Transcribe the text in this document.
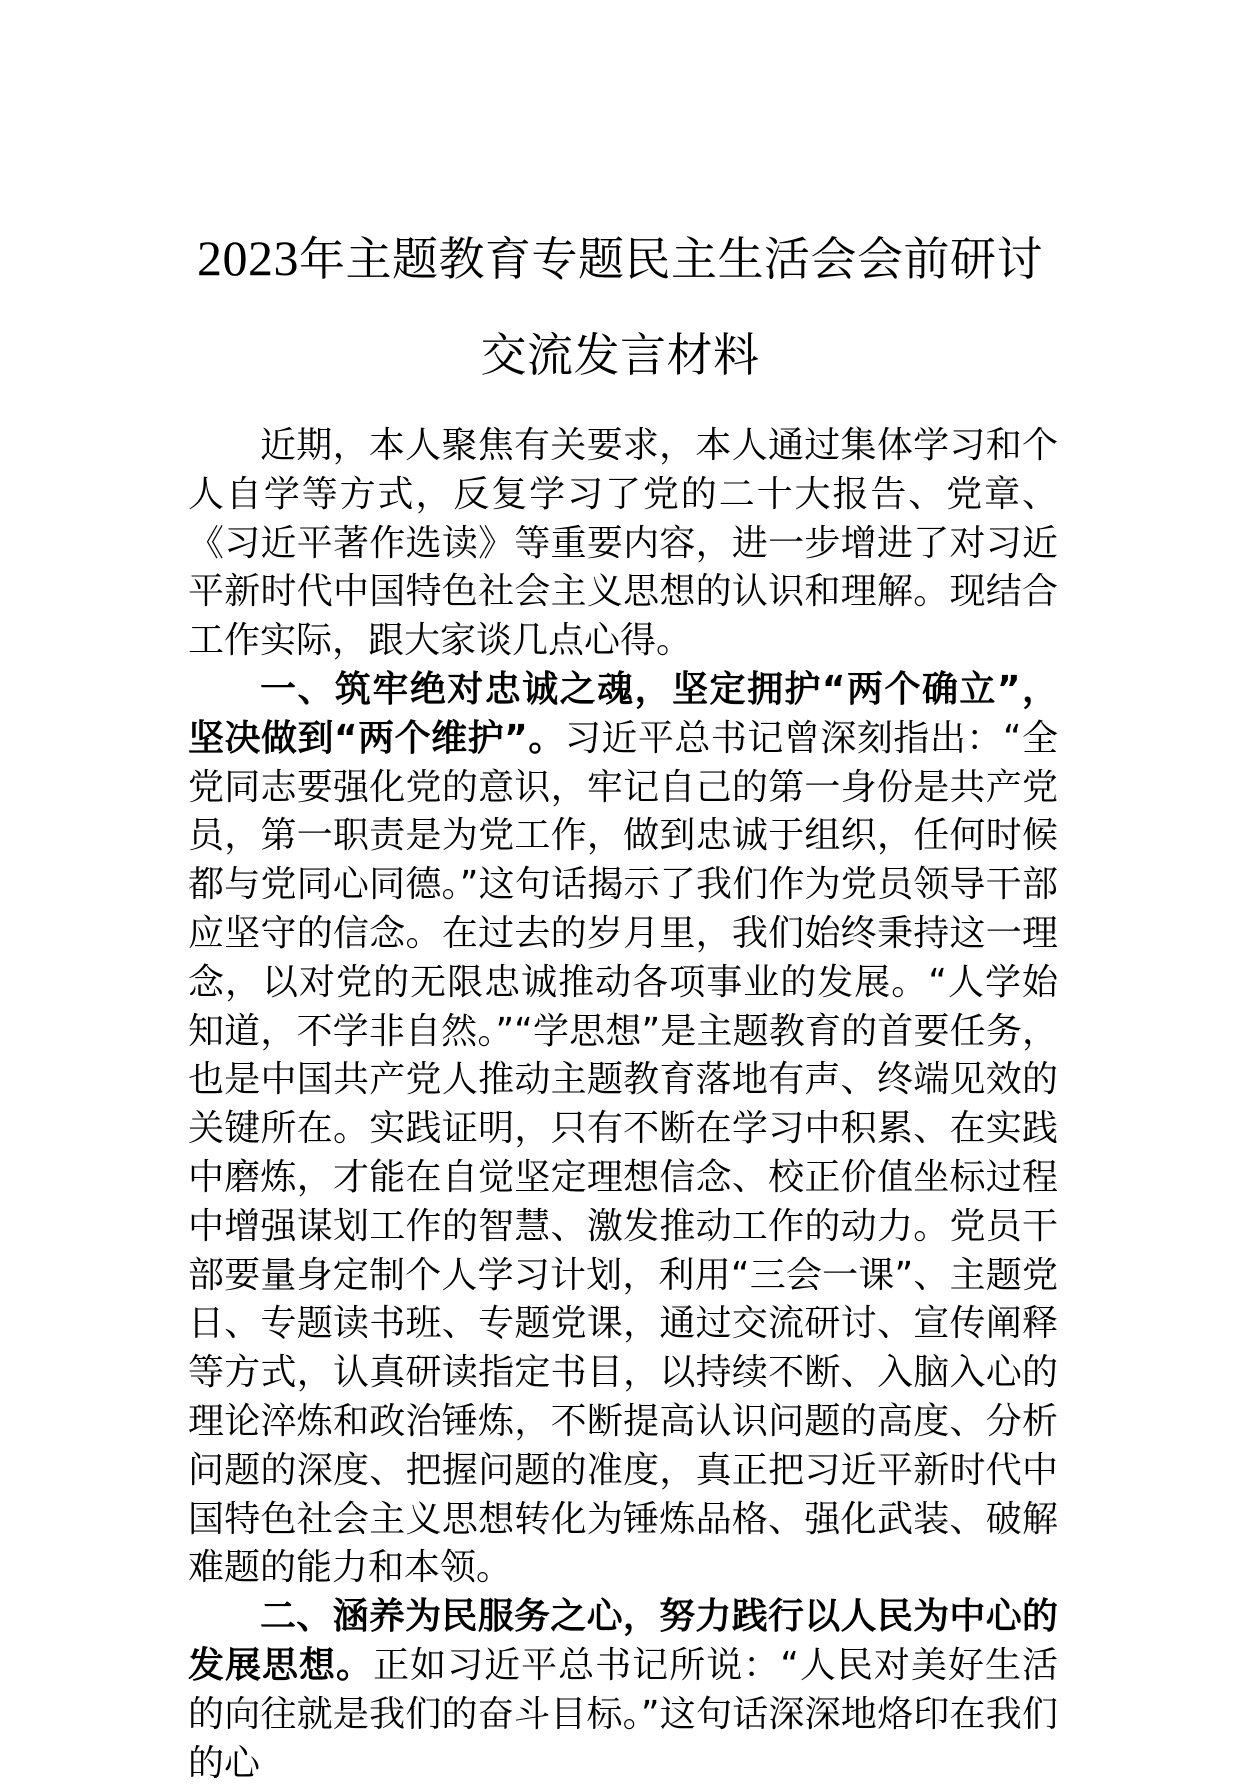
2023年主题教育专题民主生活会会前研讨
交流发言材料

近期，本人聚焦有关要求，本人通过集体学习和个人自学等方式，反复学习了党的二十大报告、党章、《习近平著作选读》等重要内容，进一步增进了对习近平新时代中国特色社会主义思想的认识和理解。现结合工作实际，跟大家谈几点心得。

一、筑牢绝对忠诚之魂，坚定拥护“两个确立”，坚决做到“两个维护”。习近平总书记曾深刻指出：“全党同志要强化党的意识，牢记自己的第一身份是共产党员，第一职责是为党工作，做到忠诚于组织，任何时候都与党同心同德。”这句话揭示了我们作为党员领导干部应坚守的信念。在过去的岁月里，我们始终秉持这一理念，以对党的无限忠诚推动各项事业的发展。“人学始知道，不学非自然。”“学思想”是主题教育的首要任务，也是中国共产党人推动主题教育落地有声、终端见效的关键所在。实践证明，只有不断在学习中积累、在实践中磨炼，才能在自觉坚定理想信念、校正价值坐标过程中增强谋划工作的智慧、激发推动工作的动力。党员干部要量身定制个人学习计划，利用“三会一课”、主题党日、专题读书班、专题党课，通过交流研讨、宣传阐释等方式，认真研读指定书目，以持续不断、入脑入心的理论淬炼和政治锤炼，不断提高认识问题的高度、分析问题的深度、把握问题的准度，真正把习近平新时代中国特色社会主义思想转化为锤炼品格、强化武装、破解难题的能力和本领。

二、涵养为民服务之心，努力践行以人民为中心的发展思想。正如习近平总书记所说：“人民对美好生活的向往就是我们的奋斗目标。”这句话深深地烙印在我们的心
